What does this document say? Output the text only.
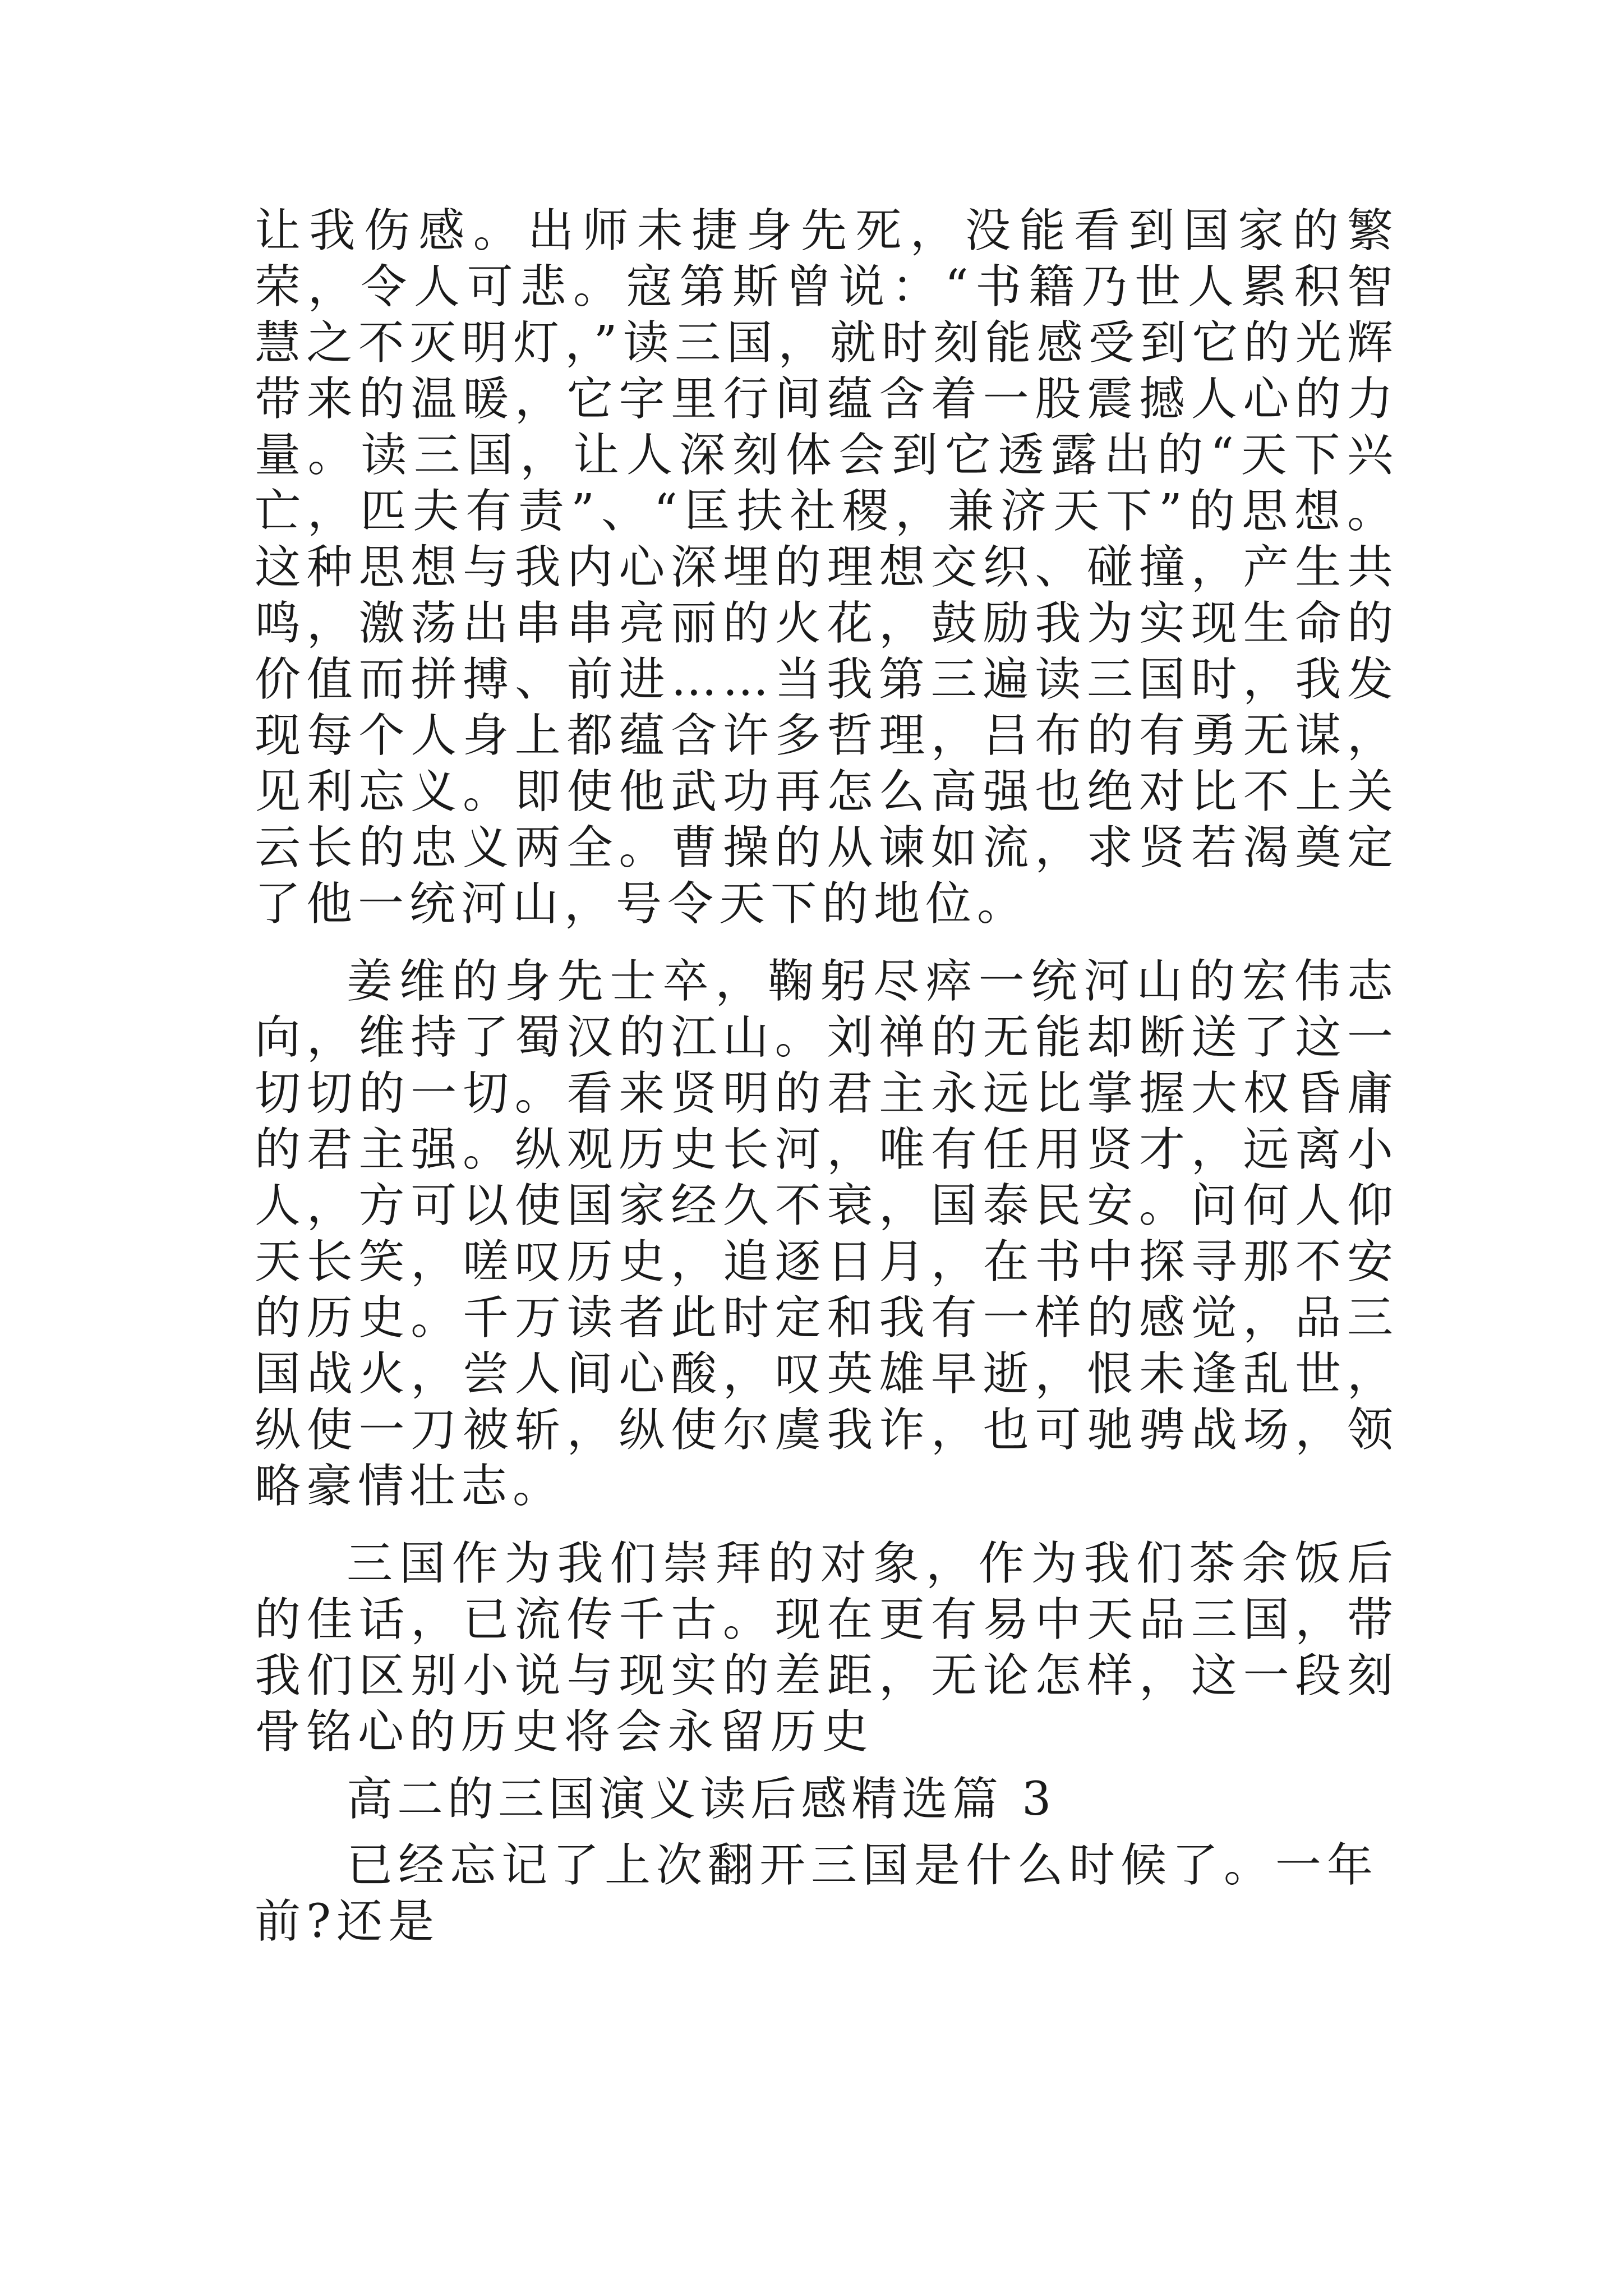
让我伤感。出师未捷身先死，没能看到国家的繁荣，令人可悲。寇第斯曾说：“书籍乃世人累积智慧之不灭明灯，”读三国，就时刻能感受到它的光辉带来的温暖，它字里行间蕴含着一股震撼人心的力量。读三国，让人深刻体会到它透露出的“天下兴亡，匹夫有责”、“匡扶社稷，兼济天下”的思想。这种思想与我内心深埋的理想交织、碰撞，产生共鸣，激荡出串串亮丽的火花，鼓励我为实现生命的价值而拼搏、前进……当我第三遍读三国时，我发现每个人身上都蕴含许多哲理，吕布的有勇无谋，见利忘义。即使他武功再怎么高强也绝对比不上关云长的忠义两全。曹操的从谏如流，求贤若渴奠定了他一统河山，号令天下的地位。

姜维的身先士卒，鞠躬尽瘁一统河山的宏伟志向，维持了蜀汉的江山。刘禅的无能却断送了这一切切的一切。看来贤明的君主永远比掌握大权昏庸的君主强。纵观历史长河，唯有任用贤才，远离小人，方可以使国家经久不衰，国泰民安。问何人仰天长笑，嗟叹历史，追逐日月，在书中探寻那不安的历史。千万读者此时定和我有一样的感觉，品三国战火，尝人间心酸，叹英雄早逝，恨未逢乱世，纵使一刀被斩，纵使尔虞我诈，也可驰骋战场，领略豪情壮志。

三国作为我们崇拜的对象，作为我们茶余饭后的佳话，已流传千古。现在更有易中天品三国，带我们区别小说与现实的差距，无论怎样，这一段刻骨铭心的历史将会永留历史

高二的三国演义读后感精选篇 3

已经忘记了上次翻开三国是什么时候了。一年前?还是
